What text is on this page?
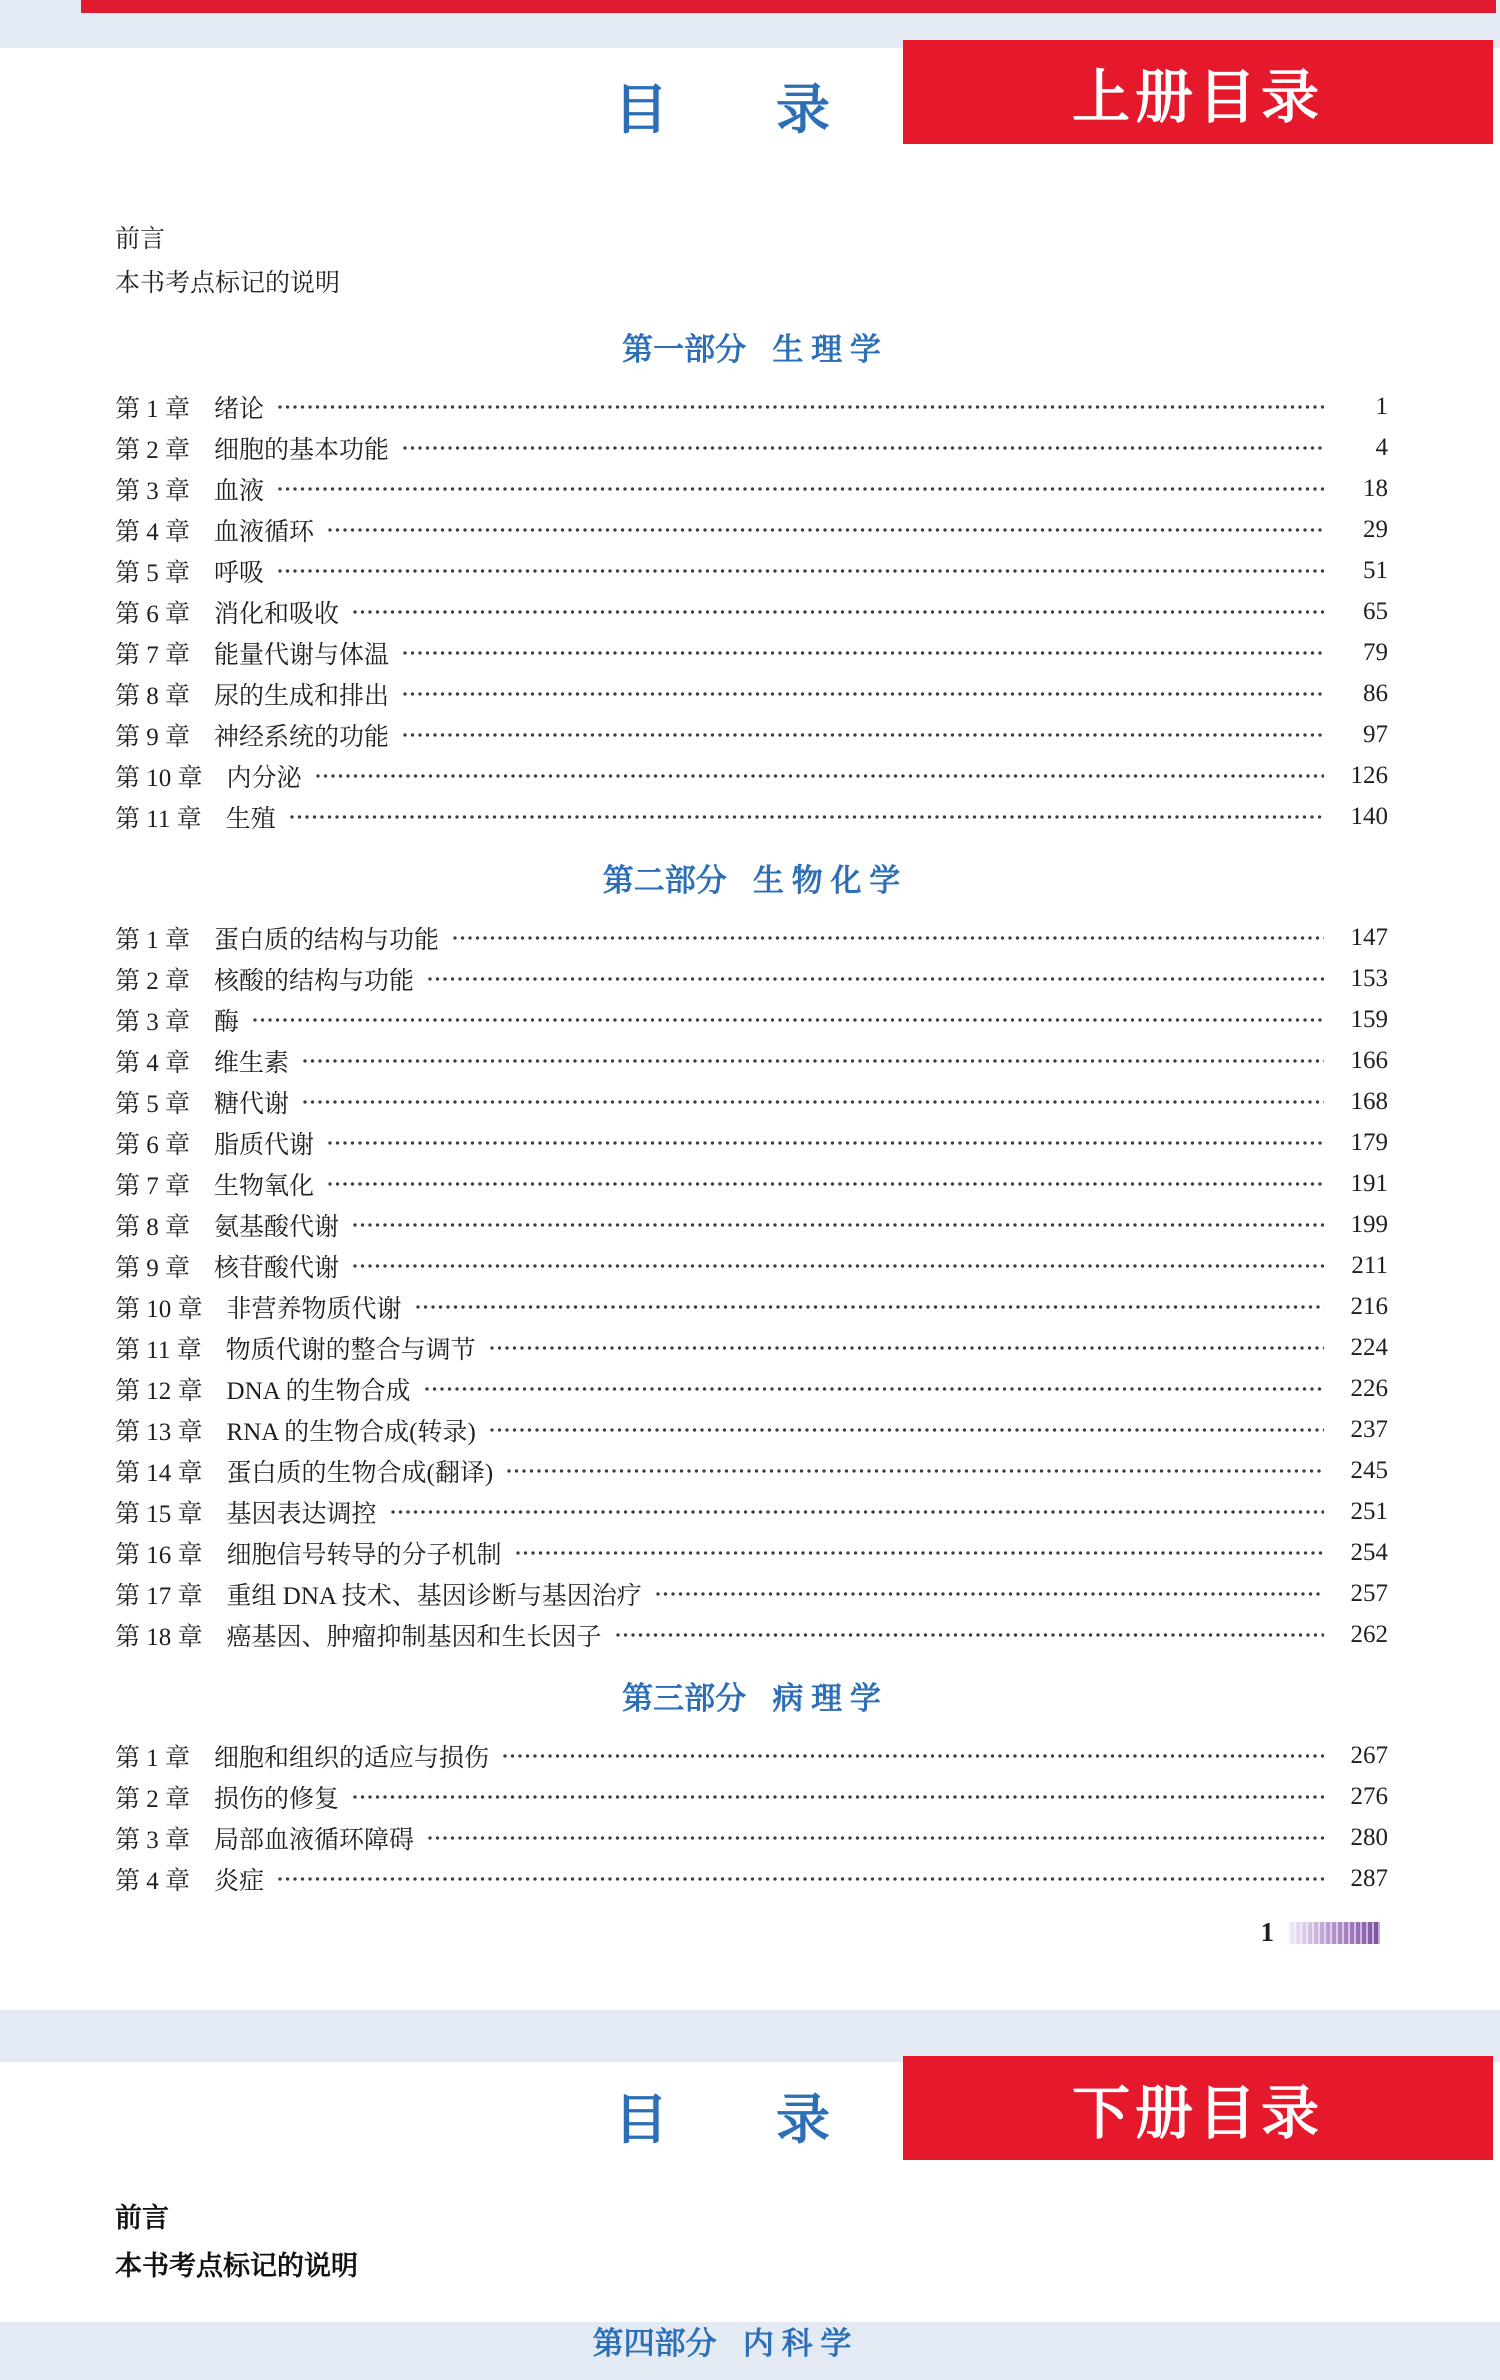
目　　录
前言
本书考点标记的说明
第一部分 生 理 学
第 1 章 绪论	1
第 2 章 细胞的基本功能	4
第 3 章 血液	18
第 4 章 血液循环	29
第 5 章 呼吸	51
第 6 章 消化和吸收	65
第 7 章 能量代谢与体温	79
第 8 章 尿的生成和排出	86
第 9 章 神经系统的功能	97
第 10 章 内分泌	126
第 11 章 生殖	140
第二部分 生 物 化 学
第 1 章 蛋白质的结构与功能	147
第 2 章 核酸的结构与功能	153
第 3 章 酶	159
第 4 章 维生素	166
第 5 章 糖代谢	168
第 6 章 脂质代谢	179
第 7 章 生物氧化	191
第 8 章 氨基酸代谢	199
第 9 章 核苷酸代谢	211
第 10 章 非营养物质代谢	216
第 11 章 物质代谢的整合与调节	224
第 12 章 DNA 的生物合成	226
第 13 章 RNA 的生物合成(转录)	237
第 14 章 蛋白质的生物合成(翻译)	245
第 15 章 基因表达调控	251
第 16 章 细胞信号转导的分子机制	254
第 17 章 重组 DNA 技术、基因诊断与基因治疗	257
第 18 章 癌基因、肿瘤抑制基因和生长因子	262
第三部分 病 理 学
第 1 章 细胞和组织的适应与损伤	267
第 2 章 损伤的修复	276
第 3 章 局部血液循环障碍	280
第 4 章 炎症	287
1
上册目录
目　　录
前言
本书考点标记的说明
第四部分 内 科 学
下册目录
